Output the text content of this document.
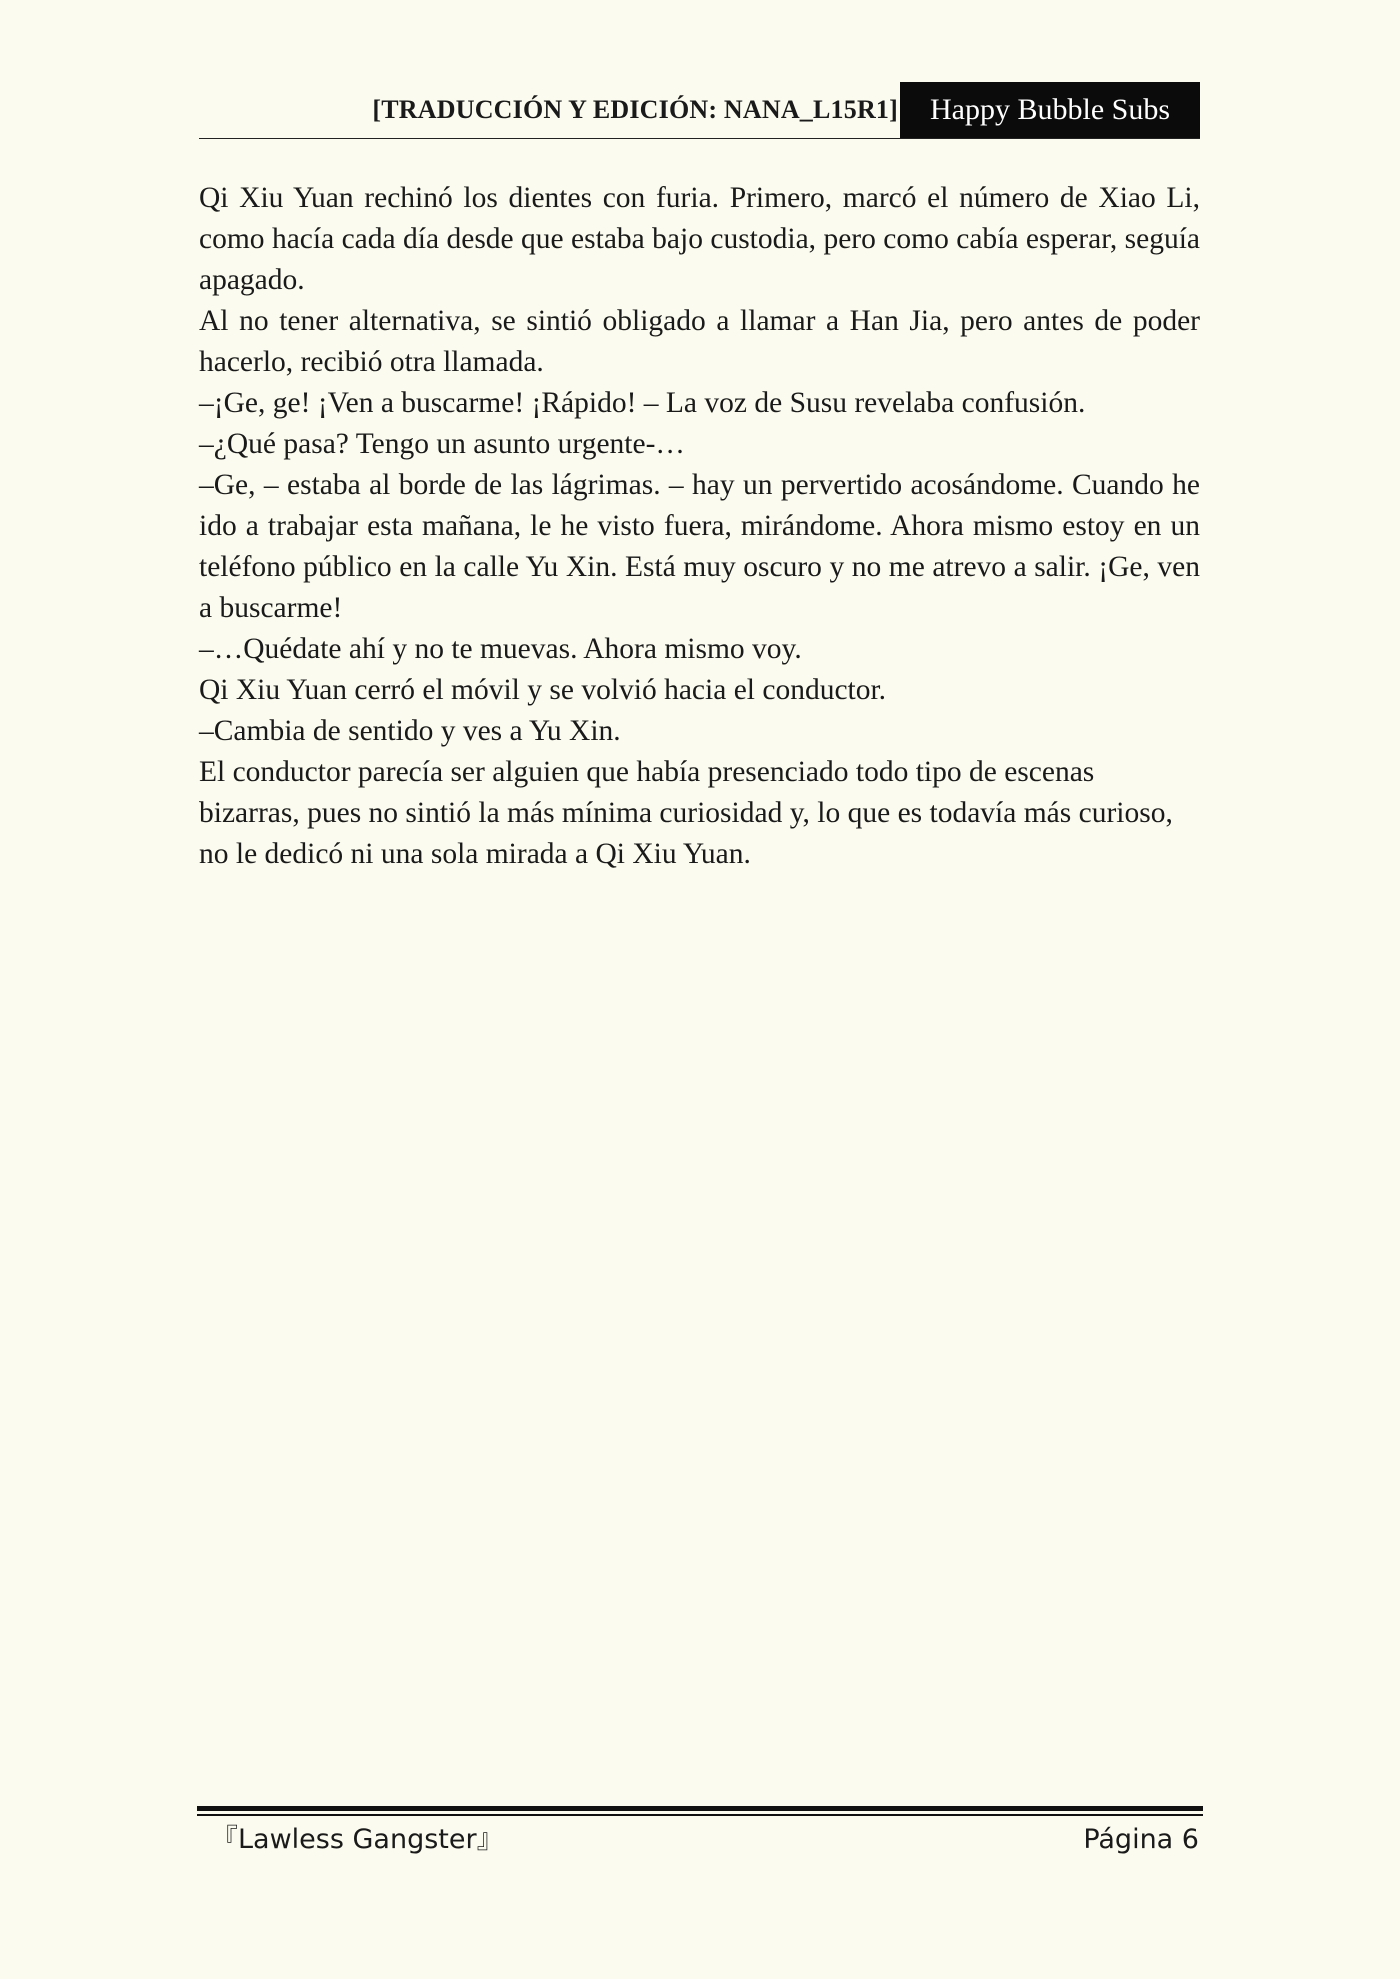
[TRADUCCIÓN Y EDICIÓN: NANA_L15R1]	Happy Bubble Subs

Qi Xiu Yuan rechinó los dientes con furia. Primero, marcó el número de Xiao Li, como hacía cada día desde que estaba bajo custodia, pero como cabía esperar, seguía apagado.

Al no tener alternativa, se sintió obligado a llamar a Han Jia, pero antes de poder hacerlo, recibió otra llamada.

–¡Ge, ge! ¡Ven a buscarme! ¡Rápido! – La voz de Susu revelaba confusión.

–¿Qué pasa? Tengo un asunto urgente-…

–Ge, – estaba al borde de las lágrimas. – hay un pervertido acosándome. Cuando he ido a trabajar esta mañana, le he visto fuera, mirándome. Ahora mismo estoy en un teléfono público en la calle Yu Xin. Está muy oscuro y no me atrevo a salir. ¡Ge, ven a buscarme!

–…Quédate ahí y no te muevas. Ahora mismo voy.

Qi Xiu Yuan cerró el móvil y se volvió hacia el conductor.

–Cambia de sentido y ves a Yu Xin.

El conductor parecía ser alguien que había presenciado todo tipo de escenas bizarras, pues no sintió la más mínima curiosidad y, lo que es todavía más curioso, no le dedicó ni una sola mirada a Qi Xiu Yuan.

『Lawless Gangster』	Página 6
